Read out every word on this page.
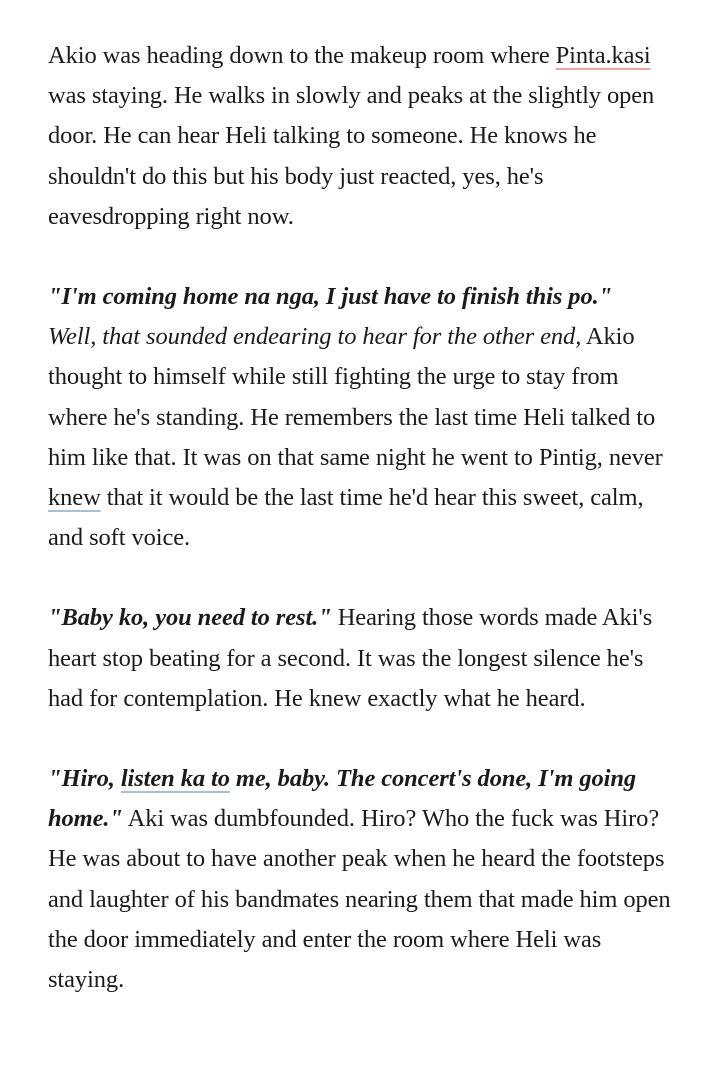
Akio was heading down to the makeup room where Pinta.kasi was staying. He walks in slowly and peaks at the slightly open door. He can hear Heli talking to someone. He knows he shouldn't do this but his body just reacted, yes, he's eavesdropping right now.

"I'm coming home na nga, I just have to finish this po."
Well, that sounded endearing to hear for the other end, Akio thought to himself while still fighting the urge to stay from where he's standing. He remembers the last time Heli talked to him like that. It was on that same night he went to Pintig, never knew that it would be the last time he'd hear this sweet, calm, and soft voice.

"Baby ko, you need to rest." Hearing those words made Aki's heart stop beating for a second. It was the longest silence he's had for contemplation. He knew exactly what he heard.

"Hiro, listen ka to me, baby. The concert's done, I'm going home." Aki was dumbfounded. Hiro? Who the fuck was Hiro? He was about to have another peak when he heard the footsteps and laughter of his bandmates nearing them that made him open the door immediately and enter the room where Heli was staying.
